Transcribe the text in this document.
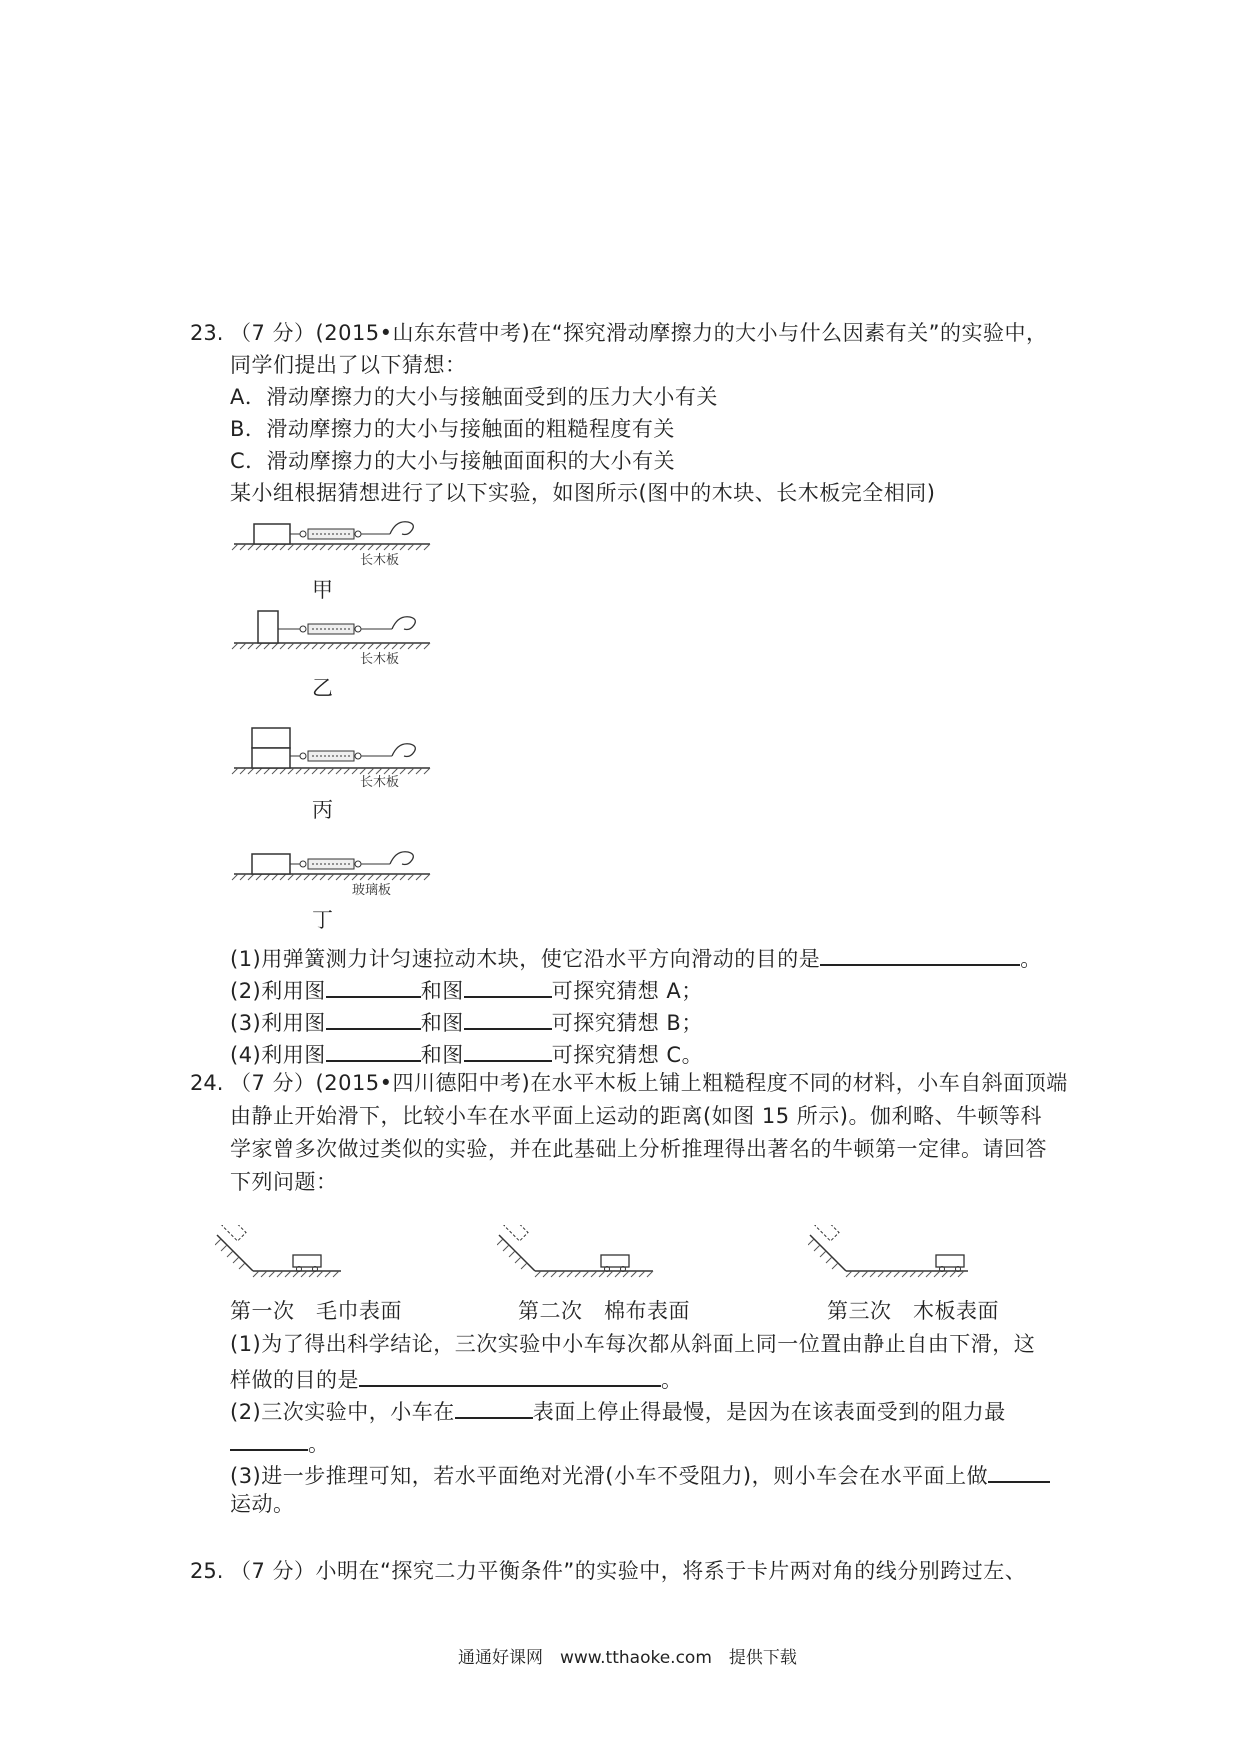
23. （7 分）(2015•山东东营中考)在“探究滑动摩擦力的大小与什么因素有关”的实验中，
同学们提出了以下猜想：
A．滑动摩擦力的大小与接触面受到的压力大小有关
B．滑动摩擦力的大小与接触面的粗糙程度有关
C．滑动摩擦力的大小与接触面面积的大小有关
某小组根据猜想进行了以下实验，如图所示(图中的木块、长木板完全相同)
长木板
甲
长木板
乙
长木板
丙
玻璃板
丁
(1)用弹簧测力计匀速拉动木块，使它沿水平方向滑动的目的是	。
(2)利用图	和图	可探究猜想 A；
(3)利用图	和图	可探究猜想 B；
(4)利用图	和图	可探究猜想 C。
24. （7 分）(2015•四川德阳中考)在水平木板上铺上粗糙程度不同的材料，小车自斜面顶端
由静止开始滑下，比较小车在水平面上运动的距离(如图 15 所示)。伽利略、牛顿等科
学家曾多次做过类似的实验，并在此基础上分析推理得出著名的牛顿第一定律。请回答
下列问题：
第一次　毛巾表面	第二次　棉布表面	第三次　木板表面
(1)为了得出科学结论，三次实验中小车每次都从斜面上同一位置由静止自由下滑，这
样做的目的是	。
(2)三次实验中，小车在	表面上停止得最慢，是因为在该表面受到的阻力最
。
(3)进一步推理可知，若水平面绝对光滑(小车不受阻力)，则小车会在水平面上做
运动。
25. （7 分）小明在“探究二力平衡条件”的实验中，将系于卡片两对角的线分别跨过左、
通通好课网　www.tthaoke.com　提供下载
